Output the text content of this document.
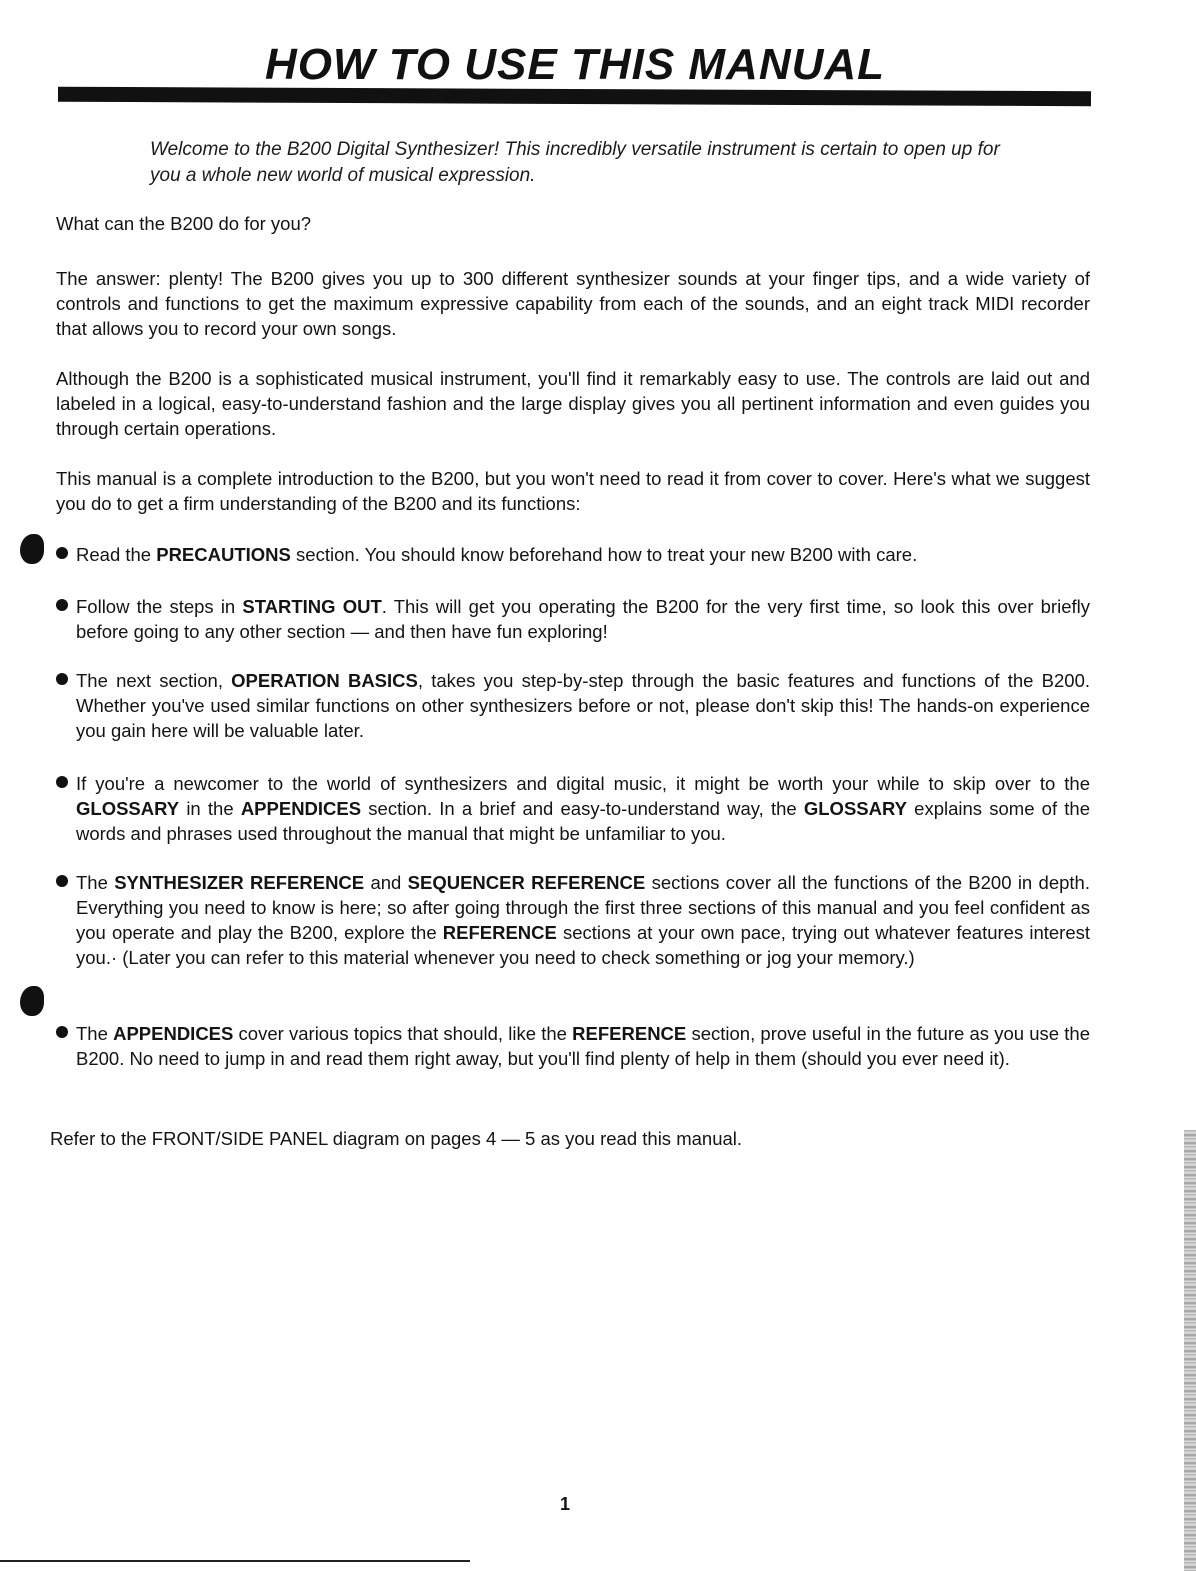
HOW TO USE THIS MANUAL
Welcome to the B200 Digital Synthesizer! This incredibly versatile instrument is certain to open up for you a whole new world of musical expression.
What can the B200 do for you?
The answer: plenty! The B200 gives you up to 300 different synthesizer sounds at your finger tips, and a wide variety of controls and functions to get the maximum expressive capability from each of the sounds, and an eight track MIDI recorder that allows you to record your own songs.
Although the B200 is a sophisticated musical instrument, you'll find it remarkably easy to use. The controls are laid out and labeled in a logical, easy-to-understand fashion and the large display gives you all pertinent information and even guides you through certain operations.
This manual is a complete introduction to the B200, but you won't need to read it from cover to cover. Here's what we suggest you do to get a firm understanding of the B200 and its functions:
Read the PRECAUTIONS section. You should know beforehand how to treat your new B200 with care.
Follow the steps in STARTING OUT. This will get you operating the B200 for the very first time, so look this over briefly before going to any other section — and then have fun exploring!
The next section, OPERATION BASICS, takes you step-by-step through the basic features and functions of the B200. Whether you've used similar functions on other synthesizers before or not, please don't skip this! The hands-on experience you gain here will be valuable later.
If you're a newcomer to the world of synthesizers and digital music, it might be worth your while to skip over to the GLOSSARY in the APPENDICES section. In a brief and easy-to-understand way, the GLOSSARY explains some of the words and phrases used throughout the manual that might be unfamiliar to you.
The SYNTHESIZER REFERENCE and SEQUENCER REFERENCE sections cover all the functions of the B200 in depth. Everything you need to know is here; so after going through the first three sections of this manual and you feel confident as you operate and play the B200, explore the REFERENCE sections at your own pace, trying out whatever features interest you.· (Later you can refer to this material whenever you need to check something or jog your memory.)
The APPENDICES cover various topics that should, like the REFERENCE section, prove useful in the future as you use the B200. No need to jump in and read them right away, but you'll find plenty of help in them (should you ever need it).
Refer to the FRONT/SIDE PANEL diagram on pages 4 — 5 as you read this manual.
1
